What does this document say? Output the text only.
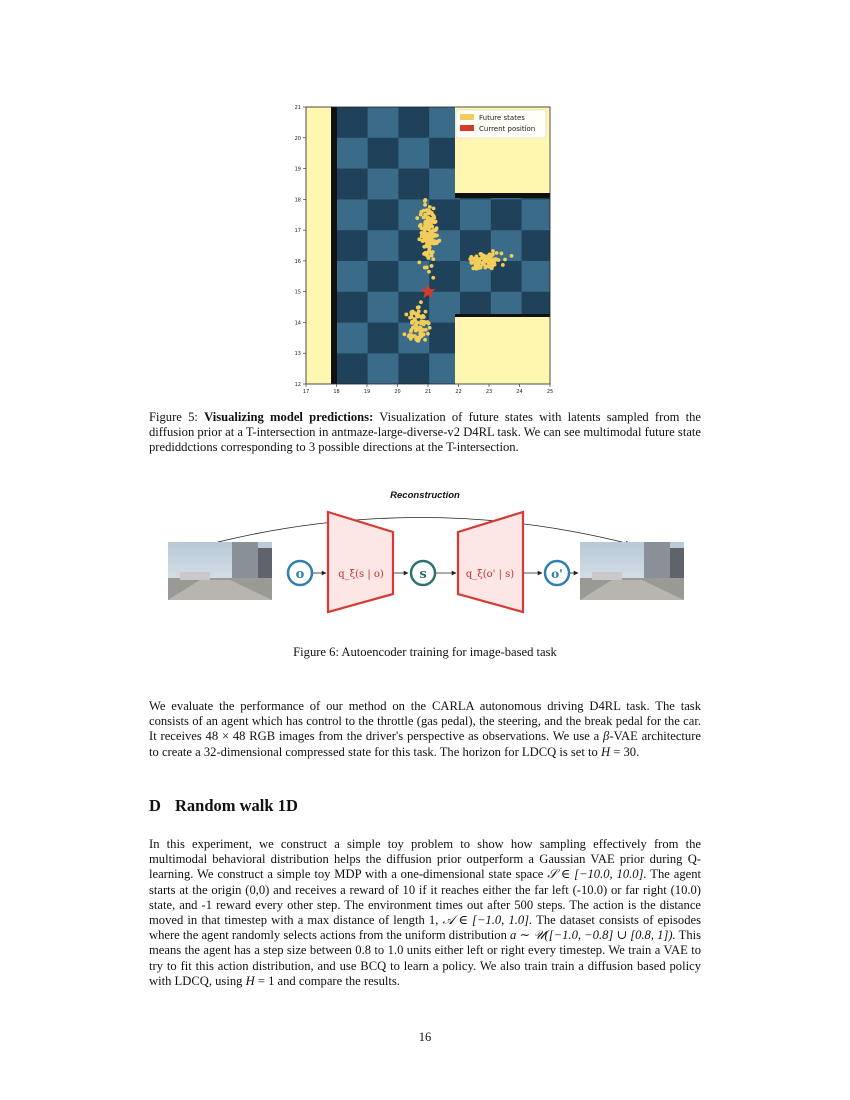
17	18	19	20	21	22	23	24	25
21
20
19
18
17
16
15
14
13
12
Future states
Current position
Figure 5: Visualizing model predictions: Visualization of future states with latents sampled from the diffusion prior at a T-intersection in antmaze-large-diverse-v2 D4RL task. We can see multimodal future state prediddctions corresponding to 3 possible directions at the T-intersection.
Reconstruction
o	q_ξ(s | o)	s	q_ξ(o' | s)	o'
Figure 6: Autoencoder training for image-based task
We evaluate the performance of our method on the CARLA autonomous driving D4RL task. The task consists of an agent which has control to the throttle (gas pedal), the steering, and the break pedal for the car. It receives 48 × 48 RGB images from the driver's perspective as observations. We use a β-VAE architecture to create a 32-dimensional compressed state for this task. The horizon for LDCQ is set to H = 30.
D Random walk 1D
In this experiment, we construct a simple toy problem to show how sampling effectively from the multimodal behavioral distribution helps the diffusion prior outperform a Gaussian VAE prior during Q-learning. We construct a simple toy MDP with a one-dimensional state space 𝒮 ∈ [−10.0, 10.0]. The agent starts at the origin (0,0) and receives a reward of 10 if it reaches either the far left (-10.0) or far right (10.0) state, and -1 reward every other step. The environment times out after 500 steps. The action is the distance moved in that timestep with a max distance of length 1, 𝒜 ∈ [−1.0, 1.0]. The dataset consists of episodes where the agent randomly selects actions from the uniform distribution a ∼ 𝒰([−1.0, −0.8] ∪ [0.8, 1]). This means the agent has a step size between 0.8 to 1.0 units either left or right every timestep. We train a VAE to try to fit this action distribution, and use BCQ to learn a policy. We also train train a diffusion based policy with LDCQ, using H = 1 and compare the results.
16
